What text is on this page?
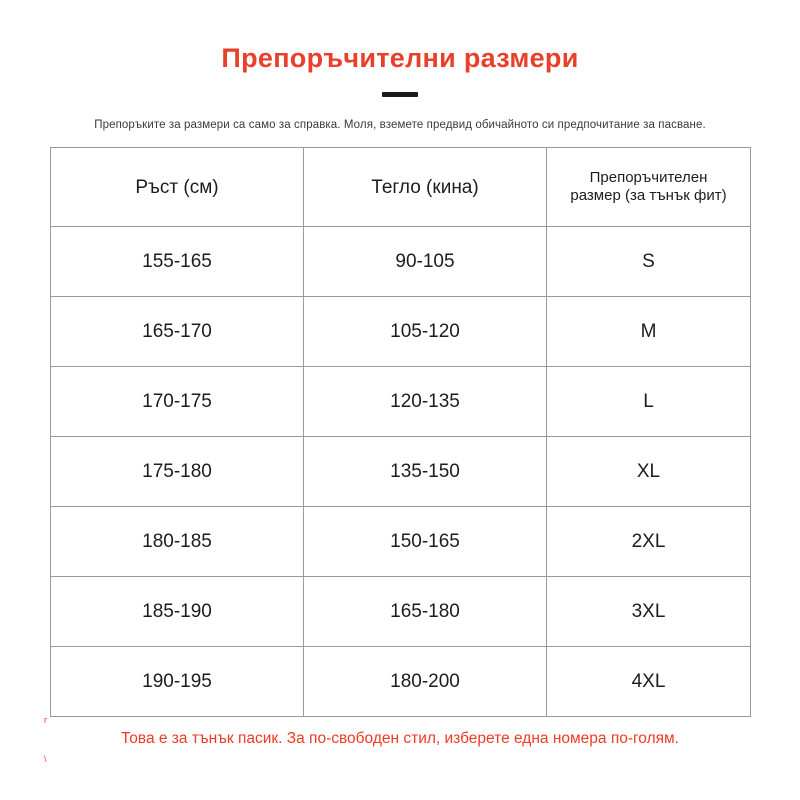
Препоръчителни размери
Препоръките за размери са само за справка. Моля, вземете предвид обичайното си предпочитание за пасване.
Ръст (см)	Тегло (кина)	Препоръчителен
размер (за тънък фит)
155-165	90-105	S
165-170	105-120	M
170-175	120-135	L
175-180	135-150	XL
180-185	150-165	2XL
185-190	165-180	3XL
190-195	180-200	4XL
г
Това е за тънък пасик. За по-свободен стил, изберете една номера по-голям.
\
